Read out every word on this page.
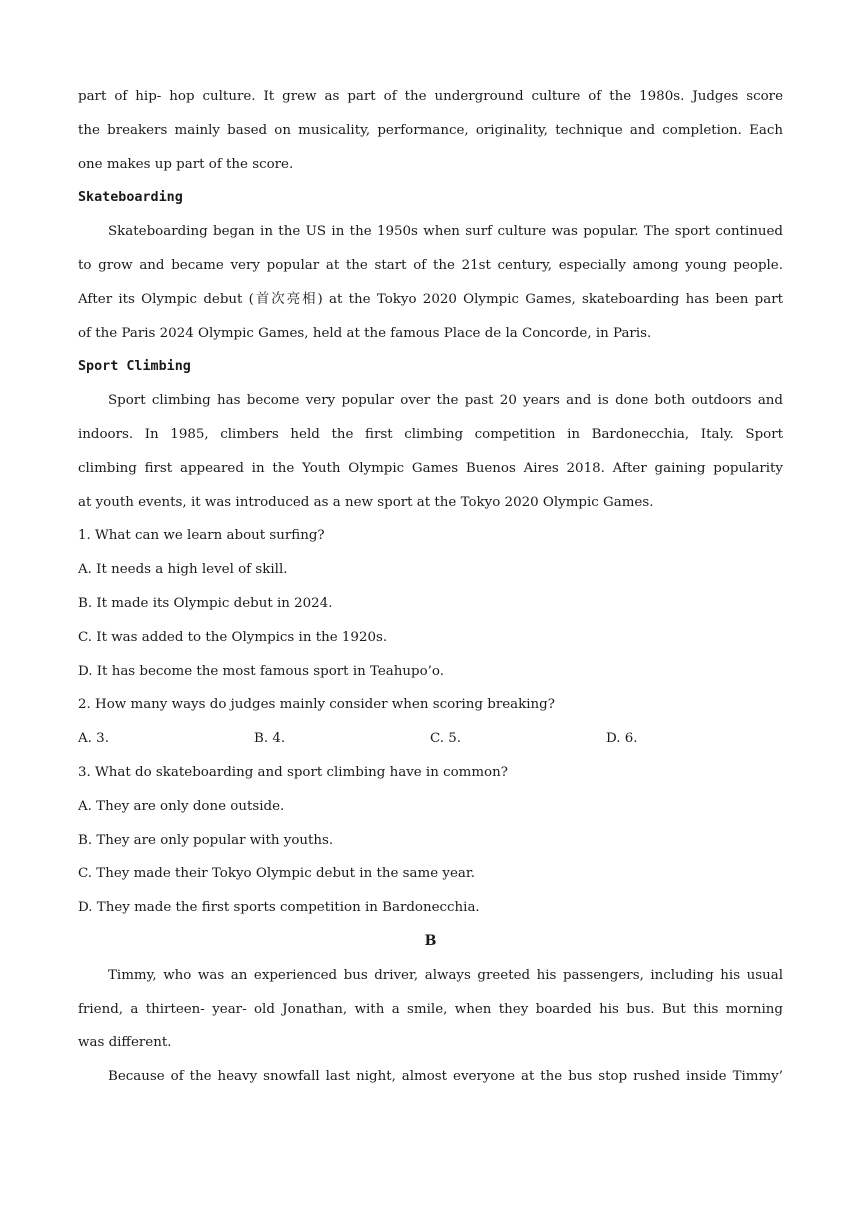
part of hip- hop culture. It grew as part of the underground culture of the 1980s. Judges score
the breakers mainly based on musicality, performance, originality, technique and completion. Each
one makes up part of the score.
Skateboarding
Skateboarding began in the US in the 1950s when surf culture was popular. The sport continued
to grow and became very popular at the start of the 21st century, especially among young people.
After its Olympic debut (首次亮相) at the Tokyo 2020 Olympic Games, skateboarding has been part
of the Paris 2024 Olympic Games, held at the famous Place de la Concorde, in Paris.
Sport Climbing
Sport climbing has become very popular over the past 20 years and is done both outdoors and
indoors. In 1985, climbers held the first climbing competition in Bardonecchia, Italy. Sport
climbing first appeared in the Youth Olympic Games Buenos Aires 2018. After gaining popularity
at youth events, it was introduced as a new sport at the Tokyo 2020 Olympic Games.
1. What can we learn about surfing?
A. It needs a high level of skill.
B. It made its Olympic debut in 2024.
C. It was added to the Olympics in the 1920s.
D. It has become the most famous sport in Teahupo’o.
2. How many ways do judges mainly consider when scoring breaking?
A. 3.	B. 4.	C. 5.	D. 6.
3. What do skateboarding and sport climbing have in common?
A. They are only done outside.
B. They are only popular with youths.
C. They made their Tokyo Olympic debut in the same year.
D. They made the first sports competition in Bardonecchia.
B
Timmy, who was an experienced bus driver, always greeted his passengers, including his usual
friend, a thirteen- year- old Jonathan, with a smile, when they boarded his bus. But this morning
was different.
Because of the heavy snowfall last night, almost everyone at the bus stop rushed inside Timmy’
